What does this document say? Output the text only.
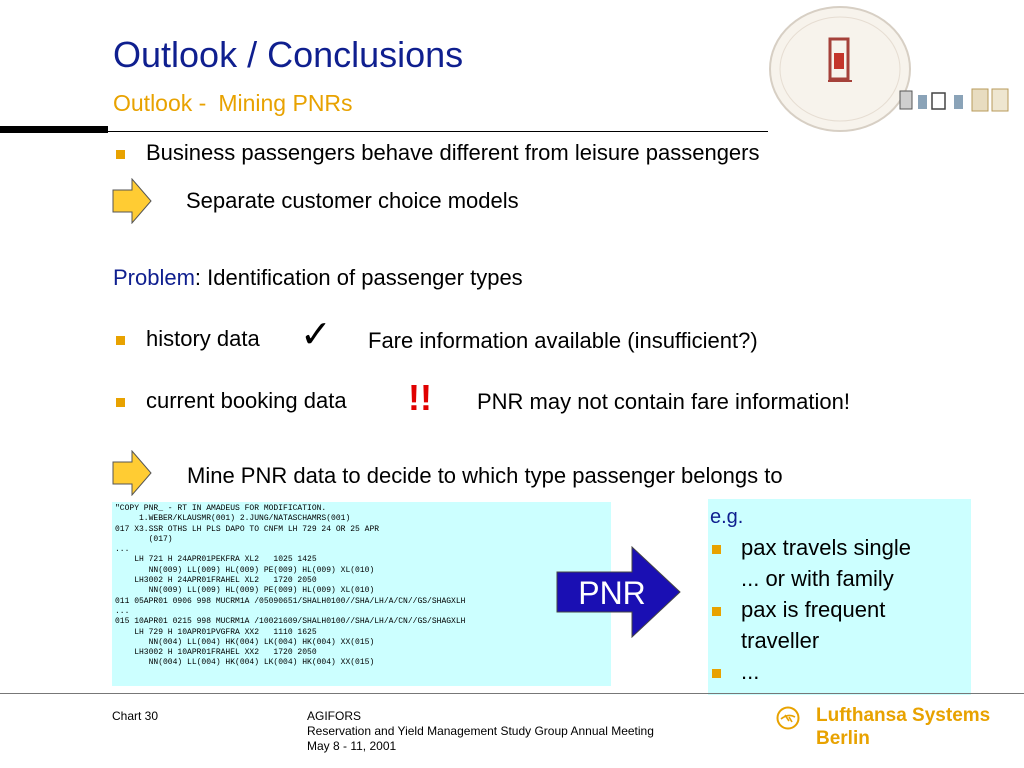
Outlook / Conclusions
Outlook - Mining PNRs
Business passengers behave different from leisure passengers
Separate customer choice models
Problem: Identification of passenger types
history data ✓ Fare information available (insufficient?)
current booking data !! PNR may not contain fare information!
Mine PNR data to decide to which type passenger belongs to
"COPY PNR_ - RT IN AMADEUS FOR MODIFICATION.
1.WEBER/KLAUSMR(001) 2.JUNG/NATASCHAMRS(001)
017 X3.SSR OTHS LH PLS DAPO TO CNFM LH 729 24 OR 25 APR
(017)
...
LH 721 H 24APR01PEKFRA XL2   1025 1425
NN(009) LL(009) HL(009) PE(009) HL(009) XL(010)
LH3002 H 24APR01FRAHEL XL2   1720 2050
NN(009) LL(009) HL(009) PE(009) HL(009) XL(010)
011 05APR01 0906 998 MUCRM1A /05090651/SHALH0100//SHA/LH/A/CN//GS/SHAGXLH
...
015 10APR01 0215 998 MUCRM1A /10021609/SHALH0100//SHA/LH/A/CN//GS/SHAGXLH
LH 729 H 10APR01PVGFRA XX2   1110 1625
NN(004) LL(004) HK(004) LK(004) HK(004) XX(015)
LH3002 H 10APR01FRAHEL XX2   1720 2050
NN(004) LL(004) HK(004) LK(004) HK(004) XX(015)
PNR
e.g.
pax travels single
... or with family
pax is frequent
traveller
...
Chart 30	AGIFORS
Reservation and Yield Management Study Group Annual Meeting
May 8 - 11, 2001
Lufthansa Systems
Berlin
